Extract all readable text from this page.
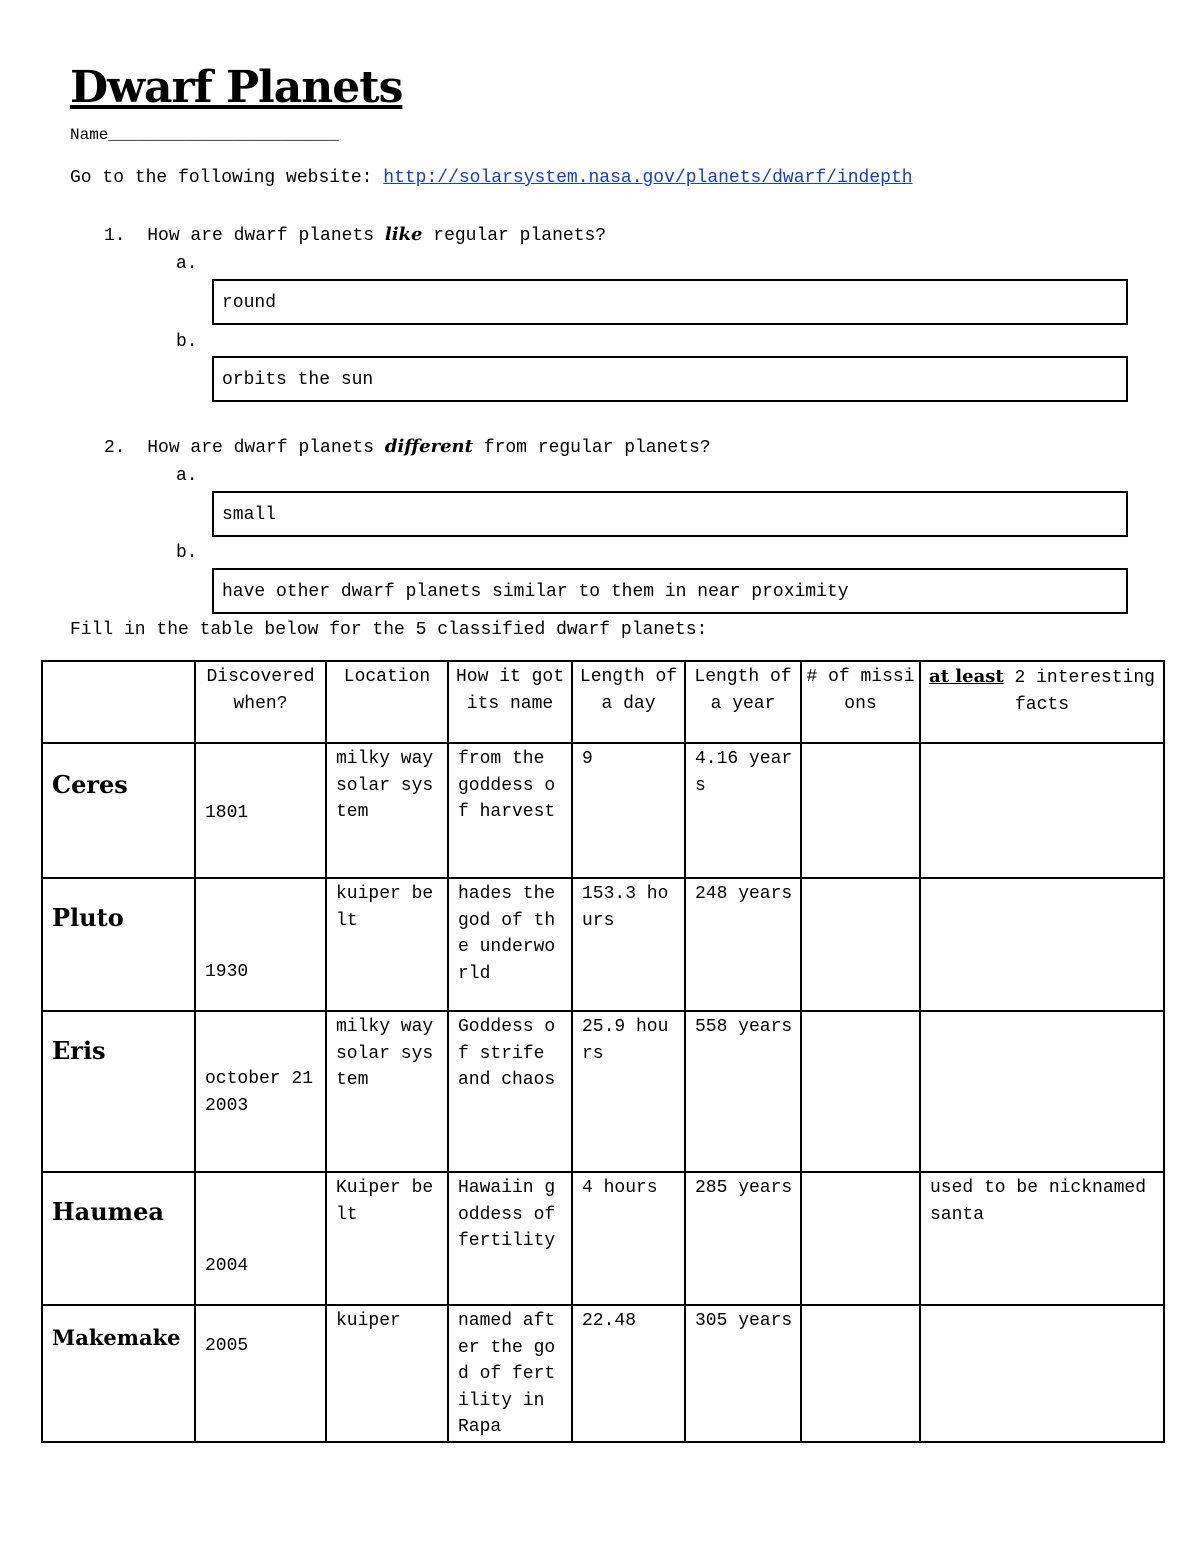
Dwarf Planets
Name________________________
Go to the following website: http://solarsystem.nasa.gov/planets/dwarf/indepth
1. How are dwarf planets like regular planets?
a.
round
b.
orbits the sun
2. How are dwarf planets different from regular planets?
a.
small
b.
have other dwarf planets similar to them in near proximity
Fill in the table below for the 5 classified dwarf planets:
	Discovered when?	Location	How it got its name	Length of a day	Length of a year	# of missions	at least 2 interesting facts

Ceres	1801	milky way solar system	from the goddess of harvest	9	4.16 years		

Pluto	1930	kuiper belt	hades the god of the underworld	153.3 hours	248 years		

Eris	october 21 2003	milky way solar system	Goddess of strife and chaos	25.9 hours	558 years		

Haumea	2004	Kuiper belt	Hawaiin goddess of fertility	4 hours	285 years		used to be nicknamed santa

Makemake	2005	kuiper	named after the god of fertility in Rapa	22.48	305 years		
